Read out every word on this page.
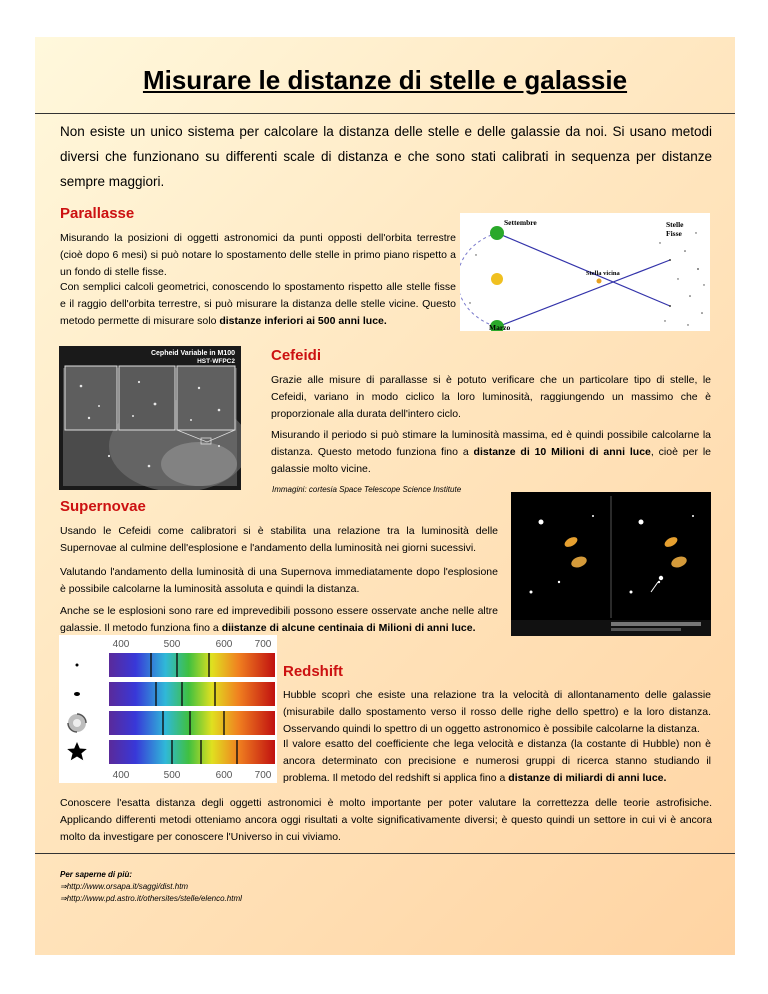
Misurare le distanze di stelle e galassie

Non esiste un unico sistema per calcolare la distanza delle stelle e delle galassie da noi. Si usano metodi diversi che funzionano su differenti scale di distanza e che sono stati calibrati in sequenza per distanze sempre maggiori.

Parallasse

Misurando la posizioni di oggetti astronomici da punti opposti dell'orbita terrestre (cioè dopo 6 mesi) si può notare lo spostamento delle stelle in primo piano rispetto a un fondo di stelle fisse.

Con semplici calcoli geometrici, conoscendo lo spostamento rispetto alle stelle fisse e il raggio dell'orbita terrestre, si può misurare la distanza delle stelle vicine. Questo metodo permette di misurare solo distanze inferiori ai 500 anni luce.

Settembre	Stelle
Fisse
Stella vicina
Marzo
Cepheid Variable in M100
HST·WFPC2 Cefeidi

Grazie alle misure di parallasse si è potuto verificare che un particolare tipo di stelle, le Cefeidi, variano in modo ciclico la loro luminosità, raggiungendo un massimo che è proporzionale alla durata dell'intero ciclo.

Misurando il periodo si può stimare la luminosità massima, ed è quindi possibile calcolarne la distanza. Questo metodo funziona fino a distanze di 10 Milioni di anni luce, cioè per le galassie molto vicine.

Immagini: cortesia Space Telescope Science Institute

Supernovae

Usando le Cefeidi come calibratori si è stabilita una relazione tra la luminosità delle Supernovae al culmine dell'esplosione e l'andamento della luminosità nei giorni sucessivi.

Valutando l'andamento della luminosità di una Supernova immediatamente dopo l'esplosione è possibile calcolarne la luminosità assoluta e quindi la distanza.

Anche se le esplosioni sono rare ed imprevedibili possono essere osservate anche nelle altre galassie. Il metodo funziona fino a diistanze di alcune centinaia di Milioni di anni luce.

400	500	600 700
400	500	600 700
Redshift

Hubble scoprì che esiste una relazione tra la velocità di allontanamento delle galassie (misurabile dallo spostamento verso il rosso delle righe dello spettro) e la loro distanza. Osservando quindi lo spettro di un oggetto astronomico è possibile calcolarne la distanza.

Il valore esatto del coefficiente che lega velocità e distanza (la costante di Hubble) non è ancora determinato con precisione e numerosi gruppi di ricerca stanno studiando il problema. Il metodo del redshift si applica fino a distanze di miliardi di anni luce.

Conoscere l'esatta distanza degli oggetti astronomici è molto importante per poter valutare la correttezza delle teorie astrofisiche. Applicando differenti metodi otteniamo ancora oggi risultati a volte significativamente diversi; è questo quindi un settore in cui vi è ancora molto da investigare per conoscere l'Universo in cui viviamo.

Per saperne di più:
⇒http://www.orsapa.it/saggi/dist.htm
⇒http://www.pd.astro.it/othersites/stelle/elenco.html
